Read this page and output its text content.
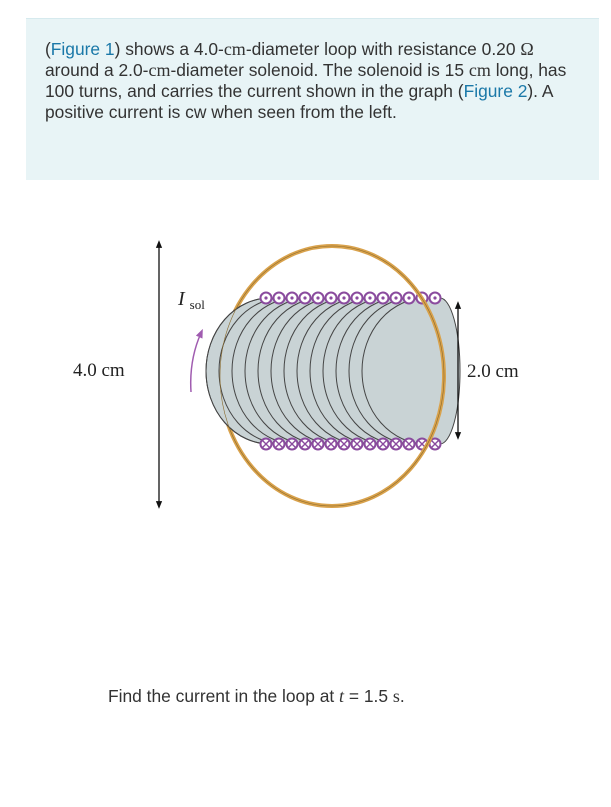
(Figure 1) shows a 4.0-cm-diameter loop with resistance 0.20 Ω around a 2.0-cm-diameter solenoid. The solenoid is 15 cm long, has 100 turns, and carries the current shown in the graph (Figure 2). A positive current is cw when seen from the left.
4.0 cm
I $_{sol}$
2.0 cm
Find the current in the loop at t = 1.5 s.
